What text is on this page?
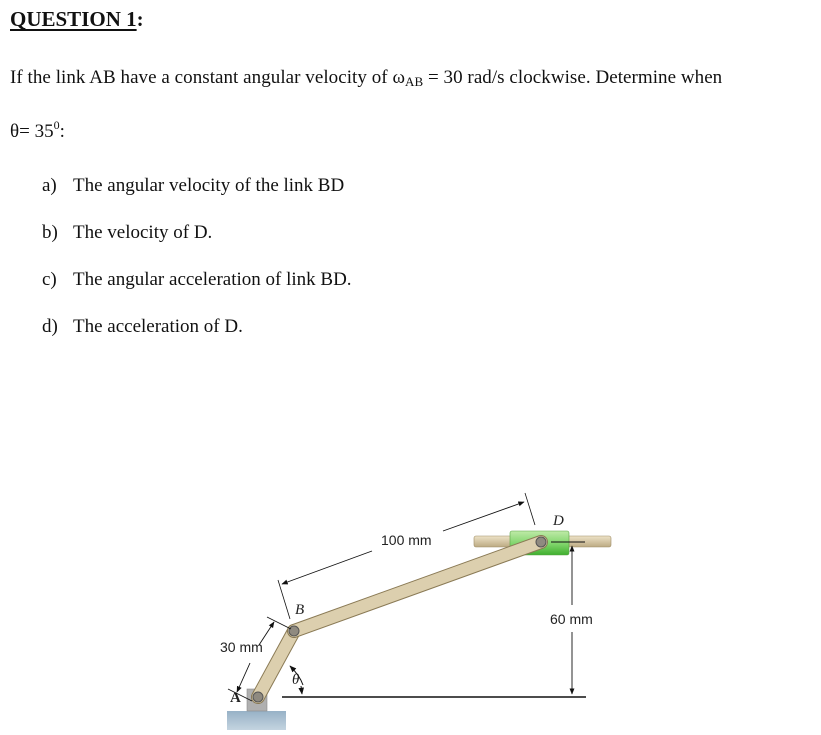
QUESTION 1:
If the link AB have a constant angular velocity of $\omega_{AB} = 30$ rad/s clockwise. Determine when
$\theta= 35^0$:
a) The angular velocity of the link BD
b) The velocity of D.
c) The angular acceleration of link BD.
d) The acceleration of D.
A
B
D
θ
30 mm
100 mm
60 mm
